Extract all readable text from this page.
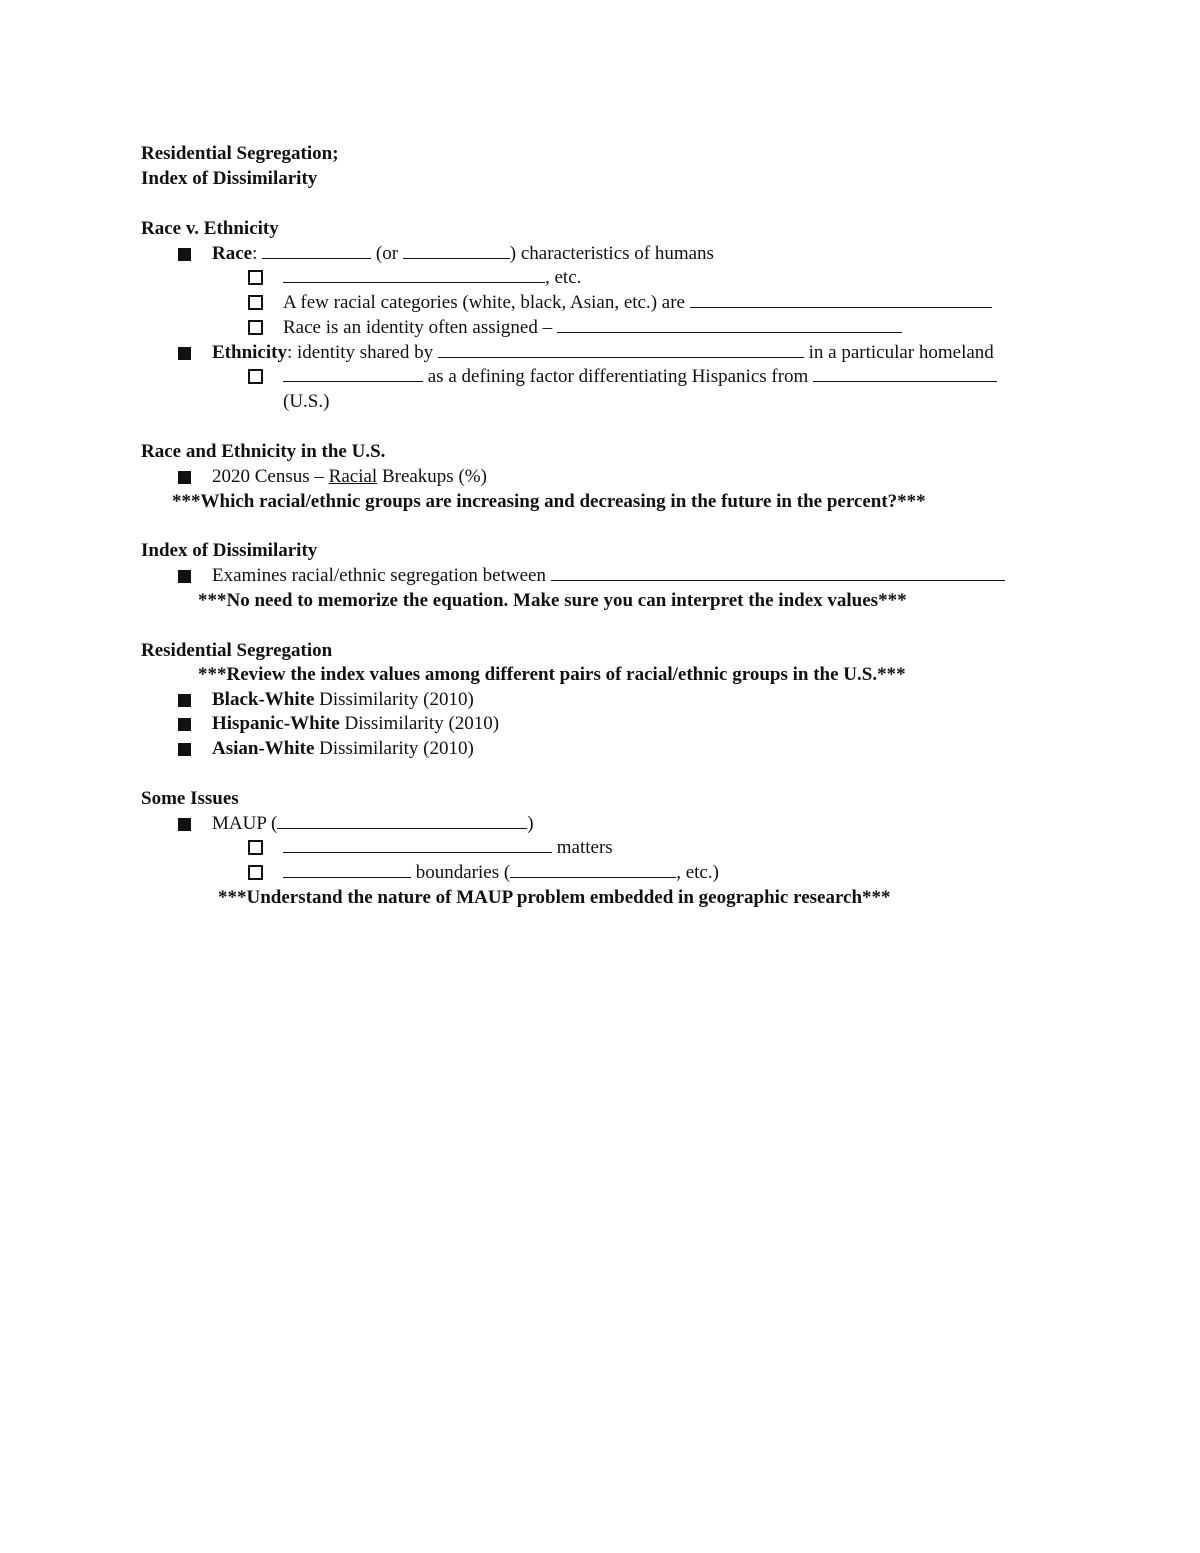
Residential Segregation;
Index of Dissimilarity
Race v. Ethnicity
Race:	(or	) characteristics of humans
, etc.
A few racial categories (white, black, Asian, etc.) are
Race is an identity often assigned –
Ethnicity: identity shared by	in a particular homeland
as a defining factor differentiating Hispanics from
(U.S.)
Race and Ethnicity in the U.S.
2020 Census – Racial Breakups (%)
***Which racial/ethnic groups are increasing and decreasing in the future in the percent?***
Index of Dissimilarity
Examines racial/ethnic segregation between
***No need to memorize the equation. Make sure you can interpret the index values***
Residential Segregation
***Review the index values among different pairs of racial/ethnic groups in the U.S.***
Black-White Dissimilarity (2010)
Hispanic-White Dissimilarity (2010)
Asian-White Dissimilarity (2010)
Some Issues
MAUP (	)
matters
boundaries (	, etc.)
***Understand the nature of MAUP problem embedded in geographic research***
